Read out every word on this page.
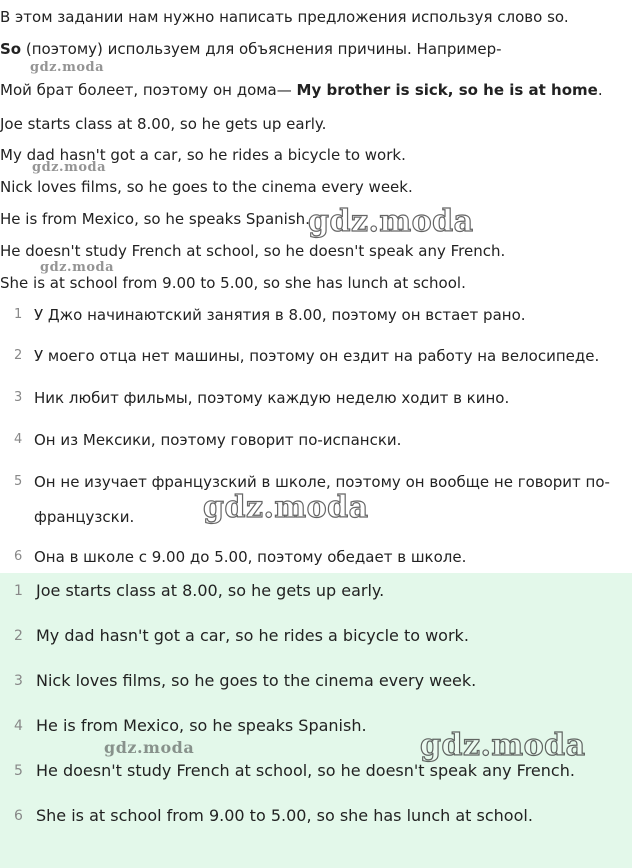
В этом задании нам нужно написать предложения используя слово so.
So (поэтому) используем для объяснения причины. Например-
Мой брат болеет, поэтому он дома— My brother is sick, so he is at home.
Joe starts class at 8.00, so he gets up early.
My dad hasn't got a car, so he rides a bicycle to work.
Nick loves films, so he goes to the cinema every week.
He is from Mexico, so he speaks Spanish.
He doesn't study French at school, so he doesn't speak any French.
She is at school from 9.00 to 5.00, so she has lunch at school.
1 У Джо начинаютский занятия в 8.00, поэтому он встает рано.
2 У моего отца нет машины, поэтому он ездит на работу на велосипеде.
3 Ник любит фильмы, поэтому каждую неделю ходит в кино.
4 Он из Мексики, поэтому говорит по-испански.
5 Он не изучает французский в школе, поэтому он вообще не говорит по-
французски.
6 Она в школе с 9.00 до 5.00, поэтому обедает в школе.
1 Joe starts class at 8.00, so he gets up early.
2 My dad hasn't got a car, so he rides a bicycle to work.
3 Nick loves films, so he goes to the cinema every week.
4 He is from Mexico, so he speaks Spanish.
5 He doesn't study French at school, so he doesn't speak any French.
6 She is at school from 9.00 to 5.00, so she has lunch at school.
gdz.moda
gdz.moda
gdz.moda
gdz.moda
gdz.moda
gdz.moda	gdz.moda
